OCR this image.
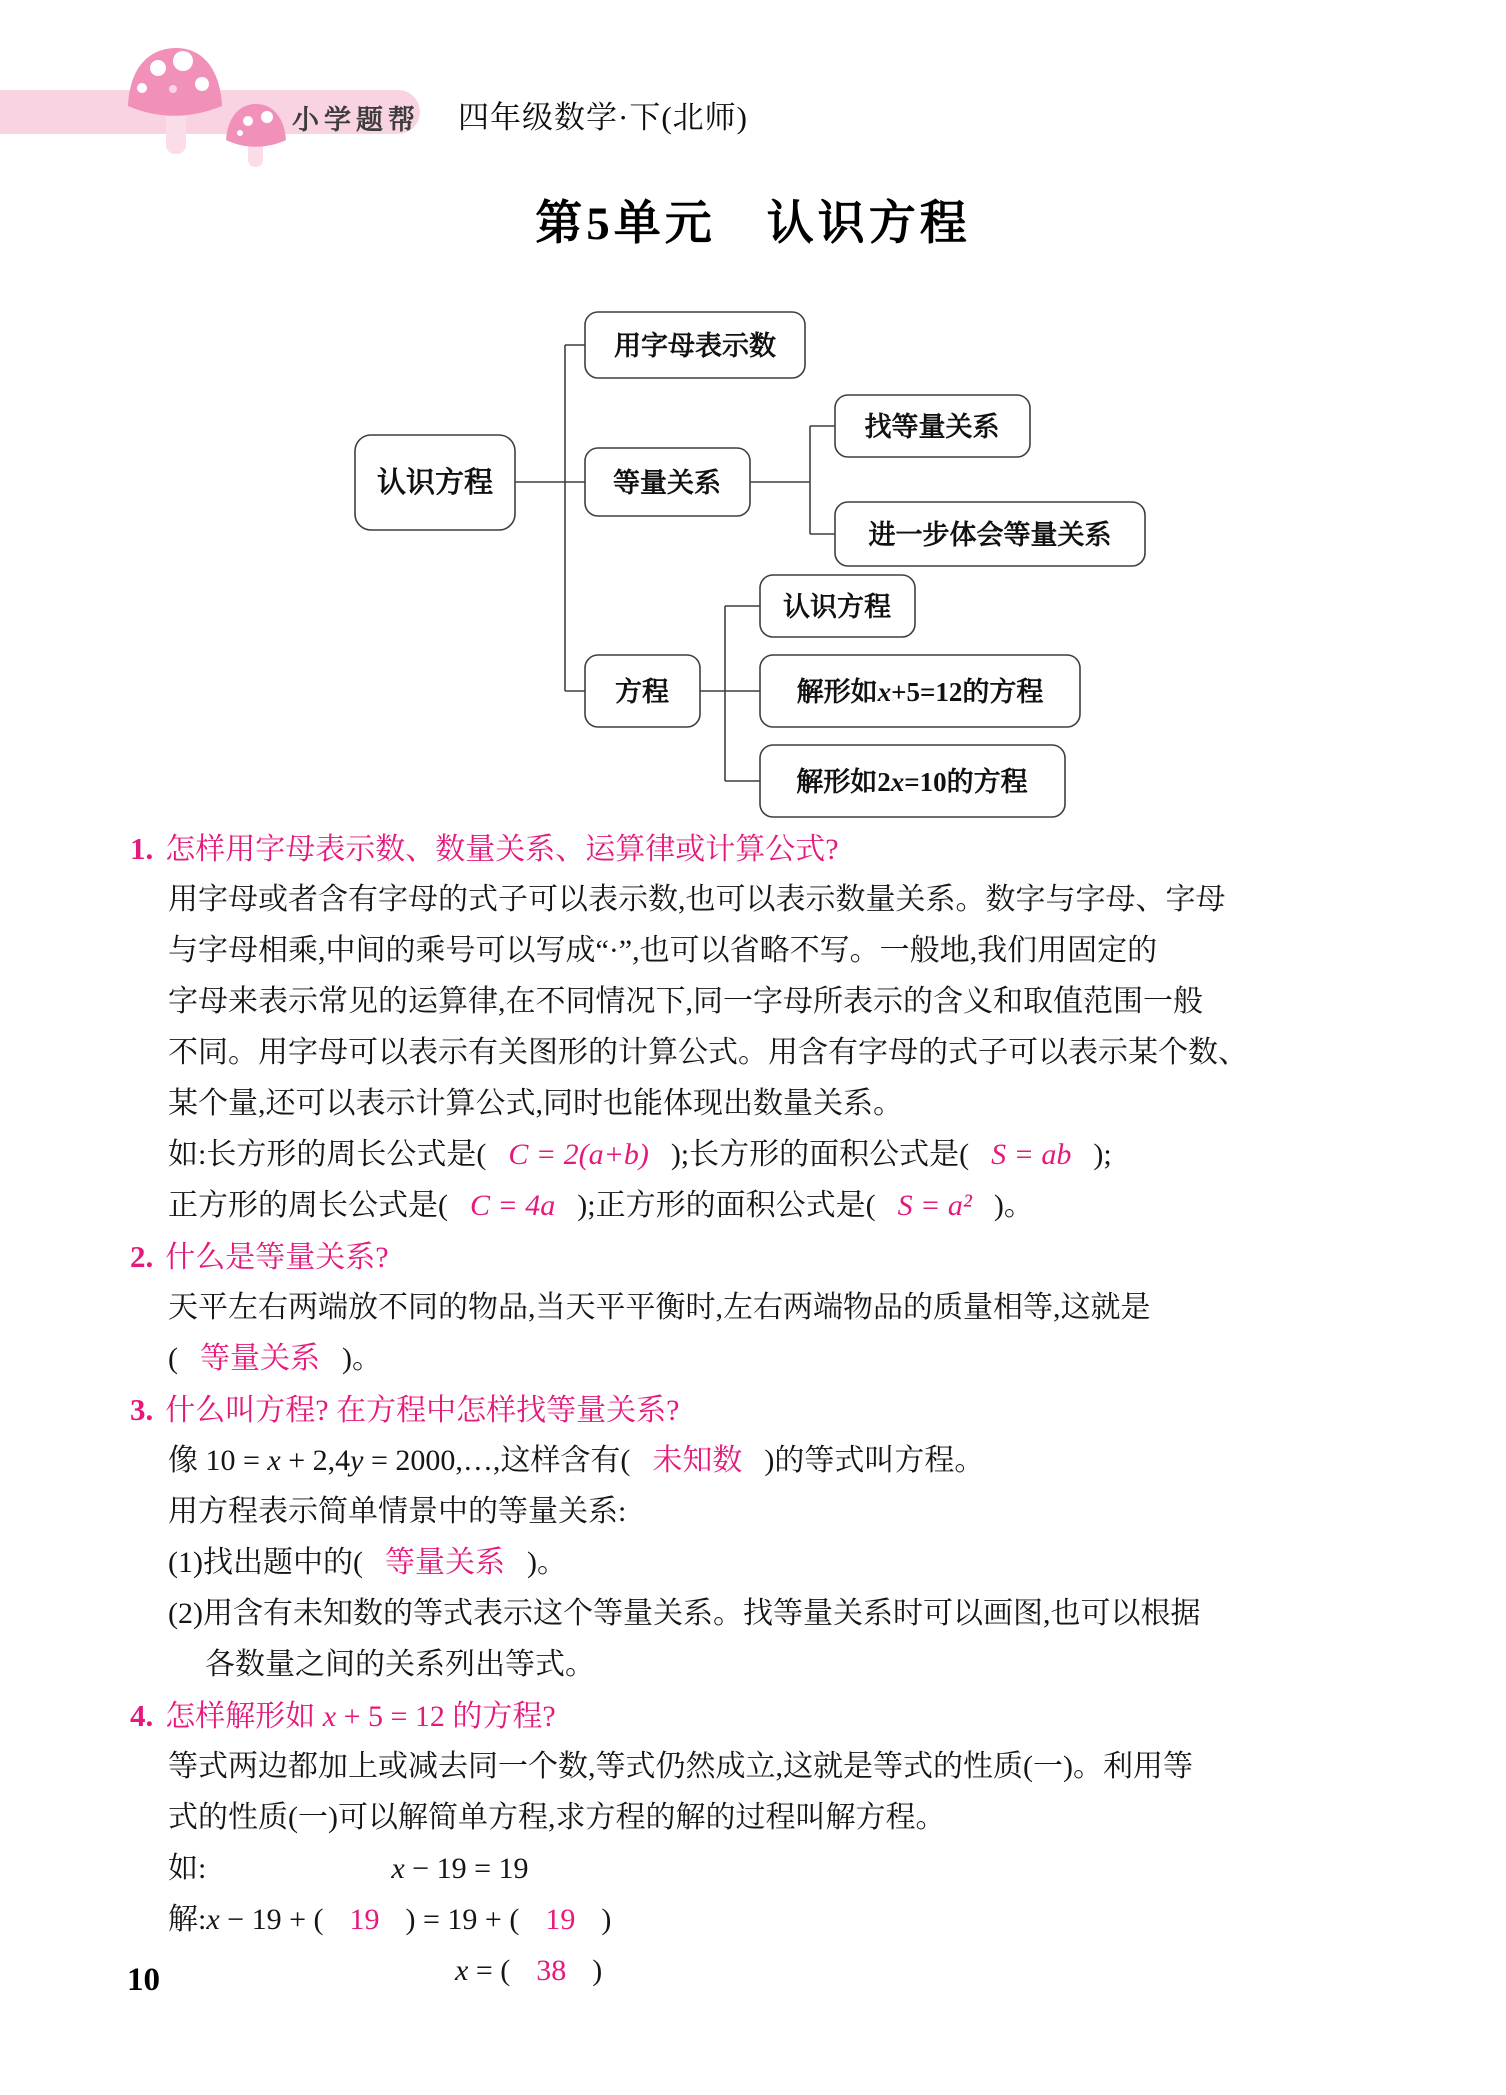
小学题帮 四年级数学·下(北师)
第5单元　认识方程
认识方程
用字母表示数
等量关系
找等量关系
进一步体会等量关系
方程
认识方程
解形如x+5=12的方程
解形如2x=10的方程
1. 怎样用字母表示数、数量关系、运算律或计算公式?
用字母或者含有字母的式子可以表示数,也可以表示数量关系。数字与字母、字母
与字母相乘,中间的乘号可以写成“·”,也可以省略不写。一般地,我们用固定的
字母来表示常见的运算律,在不同情况下,同一字母所表示的含义和取值范围一般
不同。用字母可以表示有关图形的计算公式。用含有字母的式子可以表示某个数、
某个量,还可以表示计算公式,同时也能体现出数量关系。
如:长方形的周长公式是( C = 2(a+b) );长方形的面积公式是( S = ab );
正方形的周长公式是( C = 4a );正方形的面积公式是( S = a² )。
2. 什么是等量关系?
天平左右两端放不同的物品,当天平平衡时,左右两端物品的质量相等,这就是
( 等量关系 )。
3. 什么叫方程? 在方程中怎样找等量关系?
像 10 = x + 2,4y = 2000,…,这样含有( 未知数 )的等式叫方程。
用方程表示简单情景中的等量关系:
(1)找出题中的( 等量关系 )。
(2)用含有未知数的等式表示这个等量关系。找等量关系时可以画图,也可以根据
各数量之间的关系列出等式。
4. 怎样解形如 x + 5 = 12 的方程?
等式两边都加上或减去同一个数,等式仍然成立,这就是等式的性质(一)。利用等
式的性质(一)可以解简单方程,求方程的解的过程叫解方程。
如:	x − 19 = 19
解:x − 19 + ( 19 ) = 19 + ( 19 )
x = ( 38 )
10
